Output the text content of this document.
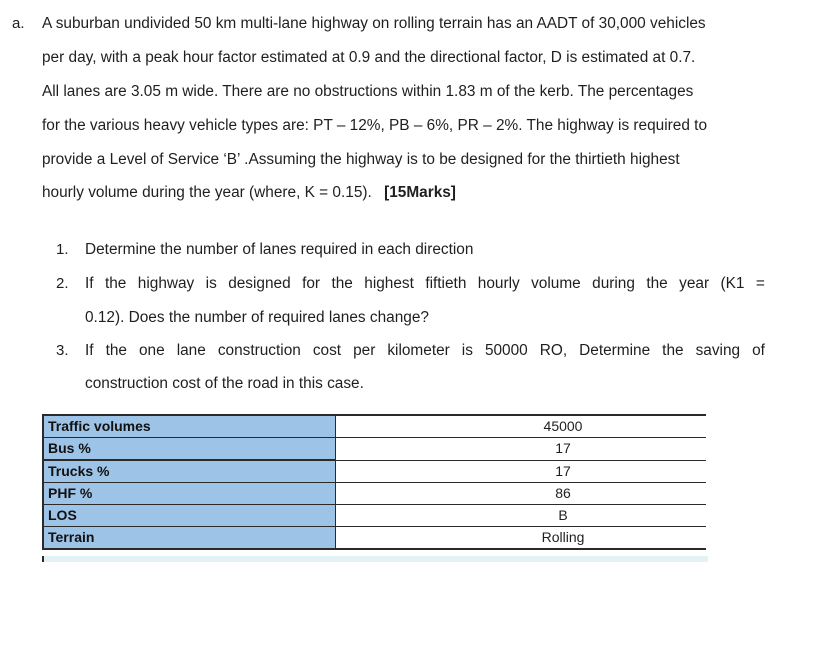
a. A suburban undivided 50 km multi-lane highway on rolling terrain has an AADT of 30,000 vehicles
per day, with a peak hour factor estimated at 0.9 and the directional factor, D is estimated at 0.7.
All lanes are 3.05 m wide. There are no obstructions within 1.83 m of the kerb. The percentages
for the various heavy vehicle types are: PT – 12%, PB – 6%, PR – 2%. The highway is required to
provide a Level of Service ‘B’ .Assuming the highway is to be designed for the thirtieth highest
hourly volume during the year (where, K = 0.15). [15Marks]
1. Determine the number of lanes required in each direction
2. If the highway is designed for the highest fiftieth hourly volume during the year (K1 =
0.12). Does the number of required lanes change?
3. If the one lane construction cost per kilometer is 50000 RO, Determine the saving of
construction cost of the road in this case.
Traffic volumes	45000
Bus %	17
Trucks %	17
PHF %	86
LOS	B
Terrain	Rolling
